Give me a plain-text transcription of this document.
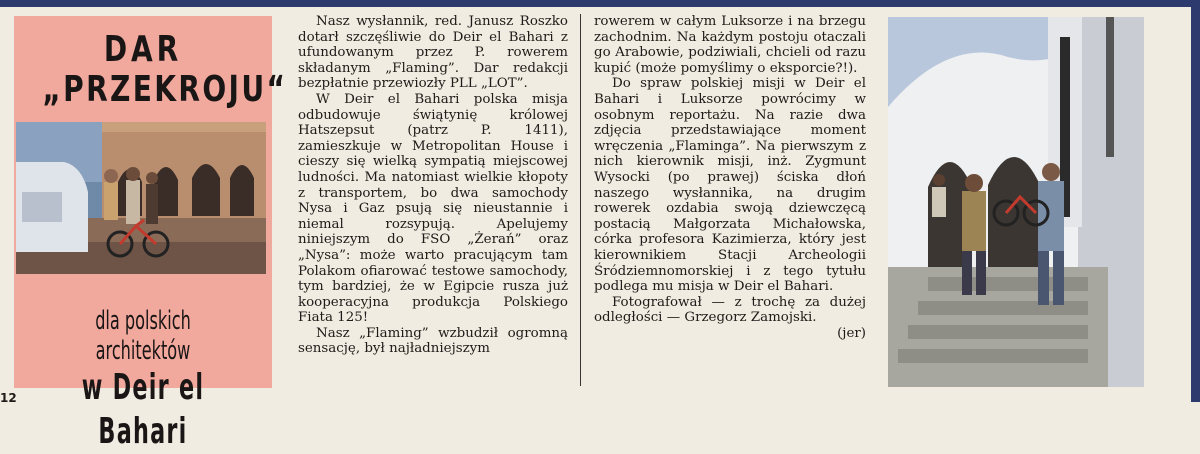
DAR
„PRZEKROJU“
dla polskich architektów
w Deir el Bahari

Nasz wysłannik, red. Janusz Roszko dotarł szczęśliwie do Deir el Bahari z ufundowanym przez P. rowerem składanym „Flaming”. Dar redakcji bezpłatnie przewiozły PLL „LOT”.

W Deir el Bahari polska misja odbudowuje świątynię królowej Hatszepsut (patrz P. 1411), zamieszkuje w Metropolitan House i cieszy się wielką sympatią miejscowej ludności. Ma natomiast wielkie kłopoty z transportem, bo dwa samochody Nysa i Gaz psują się nieustannie i niemal rozsypują. Apelujemy niniejszym do FSO „Żerań” oraz „Nysa”: może warto pracującym tam Polakom ofiarować testowe samochody, tym bardziej, że w Egipcie rusza już kooperacyjna produkcja Polskiego Fiata 125!

Nasz „Flaming” wzbudził ogromną sensację, był najładniejszym

rowerem w całym Luksorze i na brzegu zachodnim. Na każdym postoju otaczali go Arabowie, podziwiali, chcieli od razu kupić (może pomyślimy o eksporcie?!).

Do spraw polskiej misji w Deir el Bahari i Luksorze powrócimy w osobnym reportażu. Na razie dwa zdjęcia przedstawiające moment wręczenia „Flaminga”. Na pierwszym z nich kierownik misji, inż. Zygmunt Wysocki (po prawej) ściska dłoń naszego wysłannika, na drugim rowerek ozdabia swoją dziewczęcą postacią Małgorzata Michałowska, córka profesora Kazimierza, który jest kierownikiem Stacji Archeologii Śródziemnomorskiej i z tego tytułu podlega mu misja w Deir el Bahari.

Fotografował — z trochę za dużej odległości — Grzegorz Zamojski.

(jer)
12
